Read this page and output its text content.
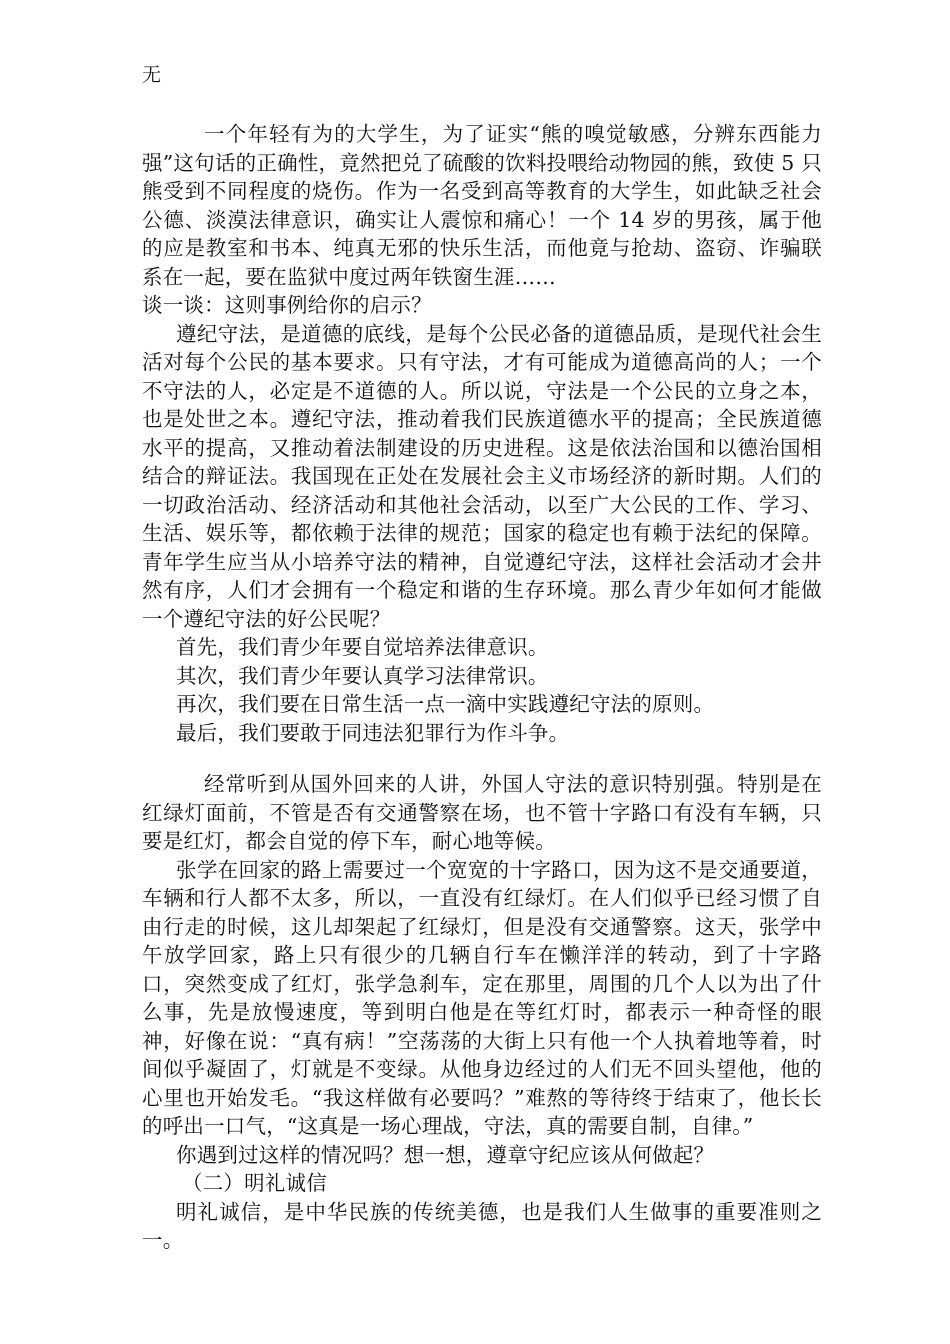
无

一个年轻有为的大学生，为了证实“熊的嗅觉敏感，分辨东西能力强”这句话的正确性，竟然把兑了硫酸的饮料投喂给动物园的熊，致使 5 只熊受到不同程度的烧伤。作为一名受到高等教育的大学生，如此缺乏社会公德、淡漠法律意识，确实让人震惊和痛心！一个 14 岁的男孩，属于他的应是教室和书本、纯真无邪的快乐生活，而他竟与抢劫、盗窃、诈骗联系在一起，要在监狱中度过两年铁窗生涯……

谈一谈：这则事例给你的启示？

遵纪守法，是道德的底线，是每个公民必备的道德品质，是现代社会生活对每个公民的基本要求。只有守法，才有可能成为道德高尚的人；一个不守法的人，必定是不道德的人。所以说，守法是一个公民的立身之本，也是处世之本。遵纪守法，推动着我们民族道德水平的提高；全民族道德水平的提高，又推动着法制建设的历史进程。这是依法治国和以德治国相结合的辩证法。我国现在正处在发展社会主义市场经济的新时期。人们的一切政治活动、经济活动和其他社会活动，以至广大公民的工作、学习、生活、娱乐等，都依赖于法律的规范；国家的稳定也有赖于法纪的保障。青年学生应当从小培养守法的精神，自觉遵纪守法，这样社会活动才会井然有序，人们才会拥有一个稳定和谐的生存环境。那么青少年如何才能做一个遵纪守法的好公民呢？

首先，我们青少年要自觉培养法律意识。

其次，我们青少年要认真学习法律常识。

再次，我们要在日常生活一点一滴中实践遵纪守法的原则。

最后，我们要敢于同违法犯罪行为作斗争。

经常听到从国外回来的人讲，外国人守法的意识特别强。特别是在红绿灯面前，不管是否有交通警察在场，也不管十字路口有没有车辆，只要是红灯，都会自觉的停下车，耐心地等候。

张学在回家的路上需要过一个宽宽的十字路口，因为这不是交通要道，车辆和行人都不太多，所以，一直没有红绿灯。在人们似乎已经习惯了自由行走的时候，这儿却架起了红绿灯，但是没有交通警察。这天，张学中午放学回家，路上只有很少的几辆自行车在懒洋洋的转动，到了十字路口，突然变成了红灯，张学急刹车，定在那里，周围的几个人以为出了什么事，先是放慢速度，等到明白他是在等红灯时，都表示一种奇怪的眼神，好像在说：“真有病！”空荡荡的大街上只有他一个人执着地等着，时间似乎凝固了，灯就是不变绿。从他身边经过的人们无不回头望他，他的心里也开始发毛。“我这样做有必要吗？”难熬的等待终于结束了，他长长的呼出一口气，“这真是一场心理战，守法，真的需要自制，自律。”

你遇到过这样的情况吗？想一想，遵章守纪应该从何做起？

（二）明礼诚信

明礼诚信，是中华民族的传统美德，也是我们人生做事的重要准则之一。
